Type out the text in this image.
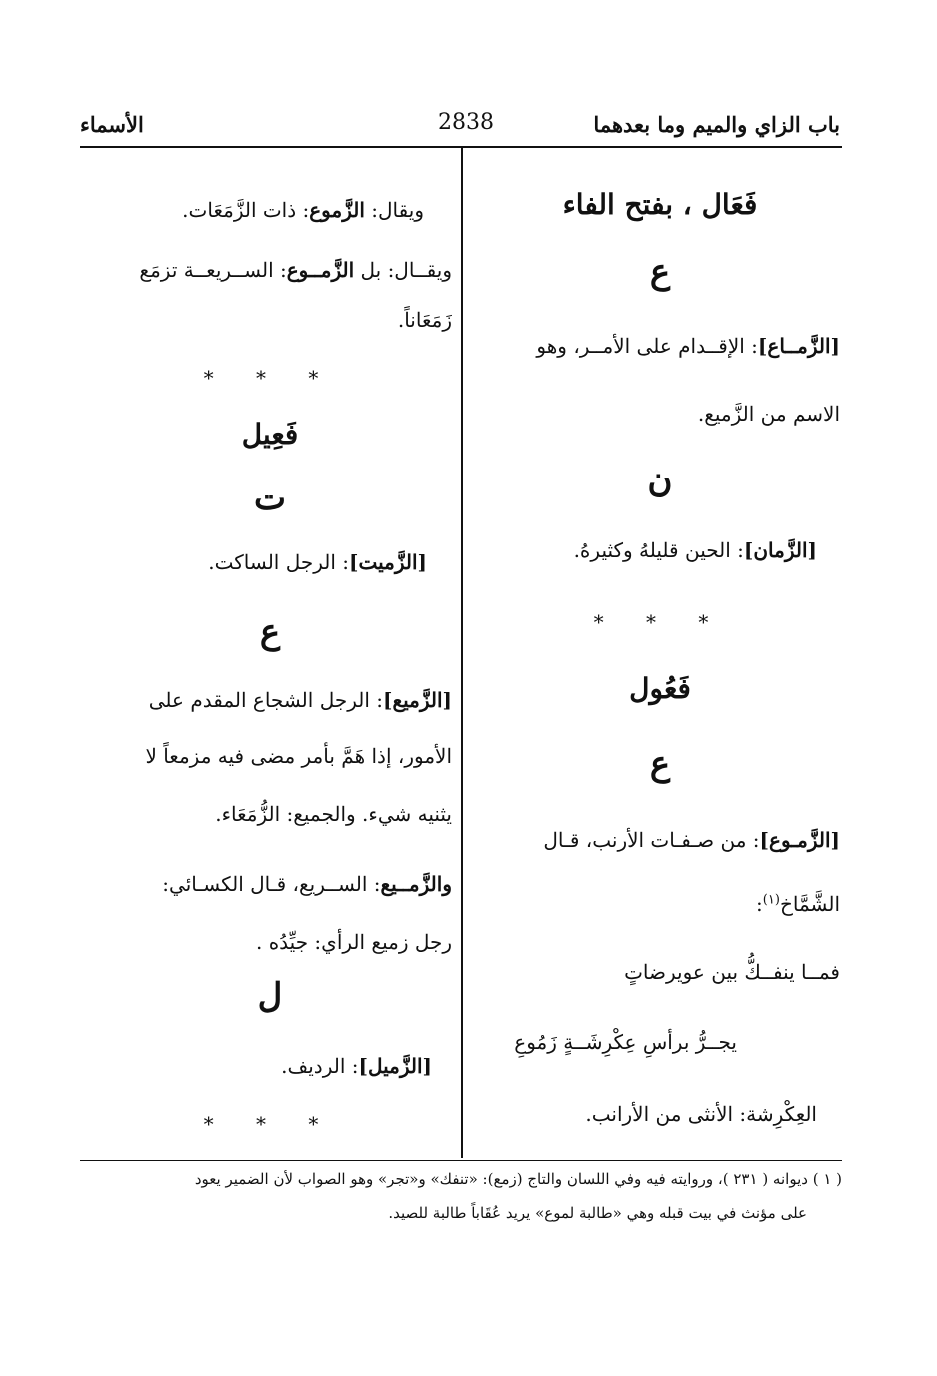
باب الزاي والميم وما بعدهما
2838
الأسماء
فَعَال ، بفتح الفاء
ع
[الزَّمــاع]: الإقــدام على الأمــر، وهو
الاسم من الزَّميع.
ن
[الزَّمان]: الحين قليلهُ وكثيرهُ.
* * *
فَعُول
ع
[الزَّمـوع]: من صـفـات الأرنب، قـال
الشَّمَّاخ$^{(١)}$:
فمــا ينفــكُّ بين عويرضاتٍ
يجــرُّ برأسِ عِكْرِشَــةٍ زَمُوعِ
العِكْرِشة: الأنثى من الأرانب.
ويقال: الزَّموع: ذات الزَّمَعَات.
ويقــال: بل الزَّمــوع: الســريعــة تزمَع
زَمَعَاناً.
* * *
فَعِيل
ت
[الزَّميت]: الرجل الساكت.
ع
[الزَّميع]: الرجل الشجاع المقدم على
الأمور، إذا هَمَّ بأمر مضى فيه مزمعاً لا
يثنيه شيء. والجميع: الزُّمَعَاء.
والزَّمــيع: الســريع، قـال الكسـائي:
رجل زميع الرأي: جيِّدُه .
ل
[الزَّميل]: الرديف.
* * *
( ١ ) ديوانه ( ٢٣١ )، وروايته فيه وفي اللسان والتاج (زمع): «تنفك» و«تجر» وهو الصواب لأن الضمير يعود
على مؤنث في بيت قبله وهي «طالبة لموع» يريد عُقَاباً طالبة للصيد.
